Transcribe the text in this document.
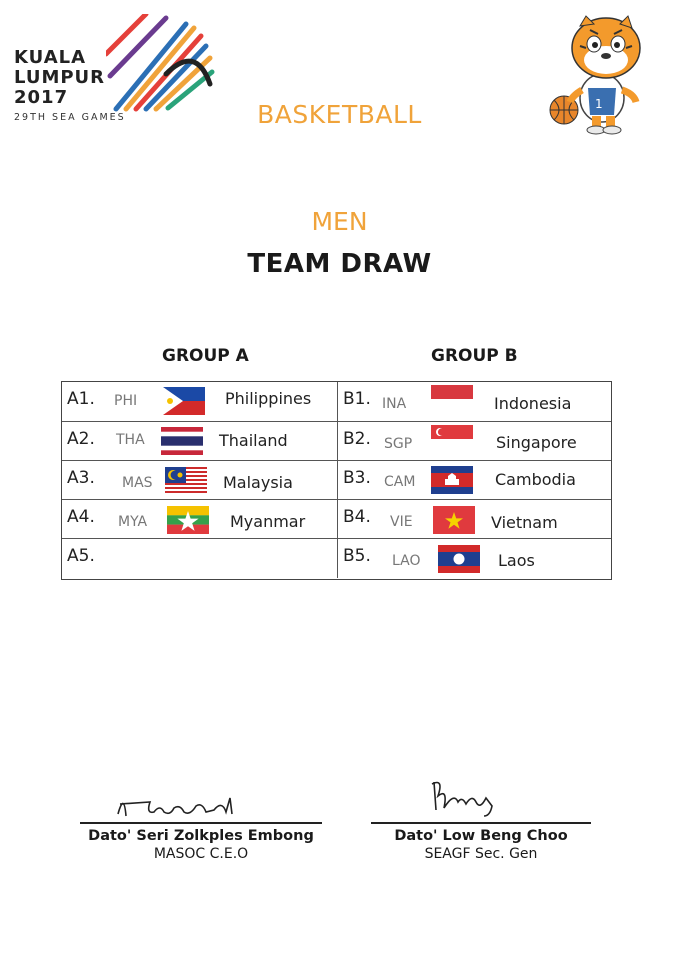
KUALA
LUMPUR
2017
29TH SEA GAMES
1
BASKETBALL
MEN
TEAM DRAW
GROUP A	GROUP B
A1. PHI	Philippines B1. INA	Indonesia
A2. THA	Thailand	B2. SGP	Singapore
A3. MAS	Malaysia	B3. CAM	Cambodia
A4. MYA	Myanmar B4. VIE	Vietnam
A5.	B5. LAO	Laos
Dato' Seri Zolkples Embong
MASOC C.E.O
Dato' Low Beng Choo
SEAGF Sec. Gen
